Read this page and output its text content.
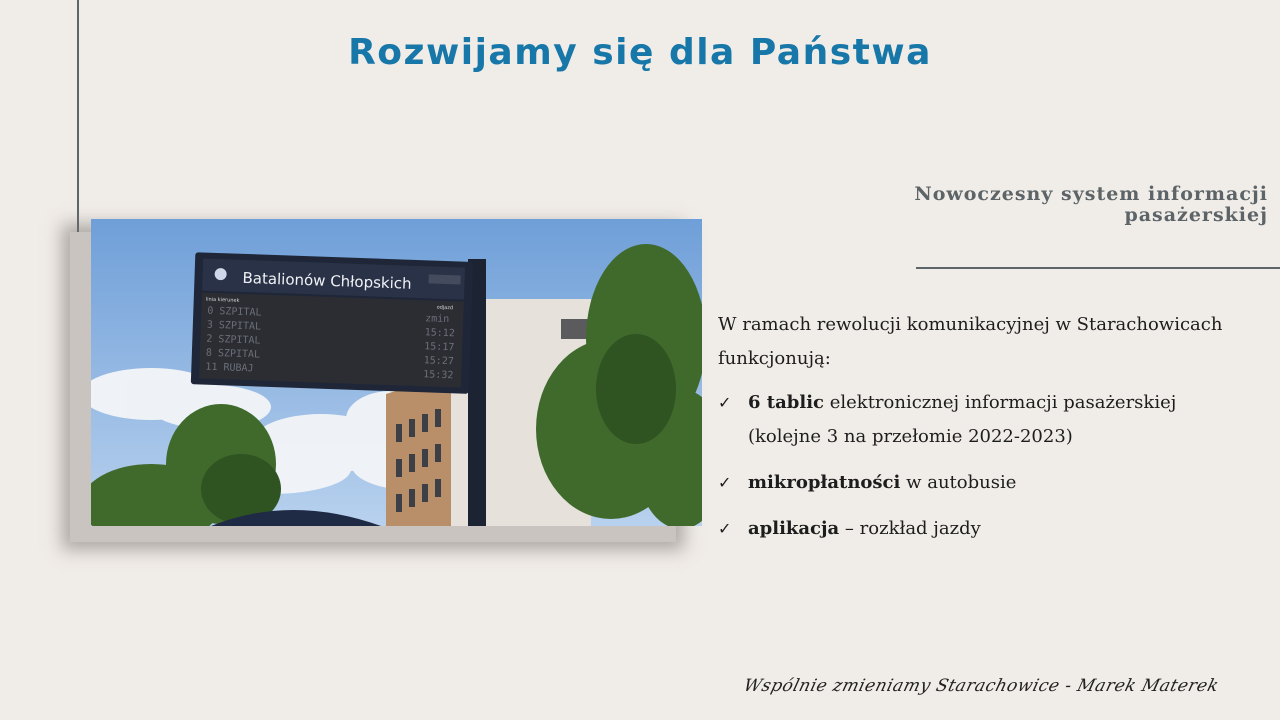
Rozwijamy się dla Państwa
Nowoczesny system informacji
pasażerskiej
Batalionów Chłopskich
linia kierunek
odjazd
0 SZPITAL
3 SZPITAL
2 SZPITAL
8 SZPITAL
11 RUBAJ
zmin
15:12
15:17
15:27
15:32

W ramach rewolucji komunikacyjnej w Starachowicach funkcjonują:

✓ 6 tablic elektronicznej informacji pasażerskiej (kolejne 3 na przełomie 2022-2023)
✓ mikropłatności w autobusie
✓ aplikacja – rozkład jazdy
Wspólnie zmieniamy Starachowice - Marek Materek
